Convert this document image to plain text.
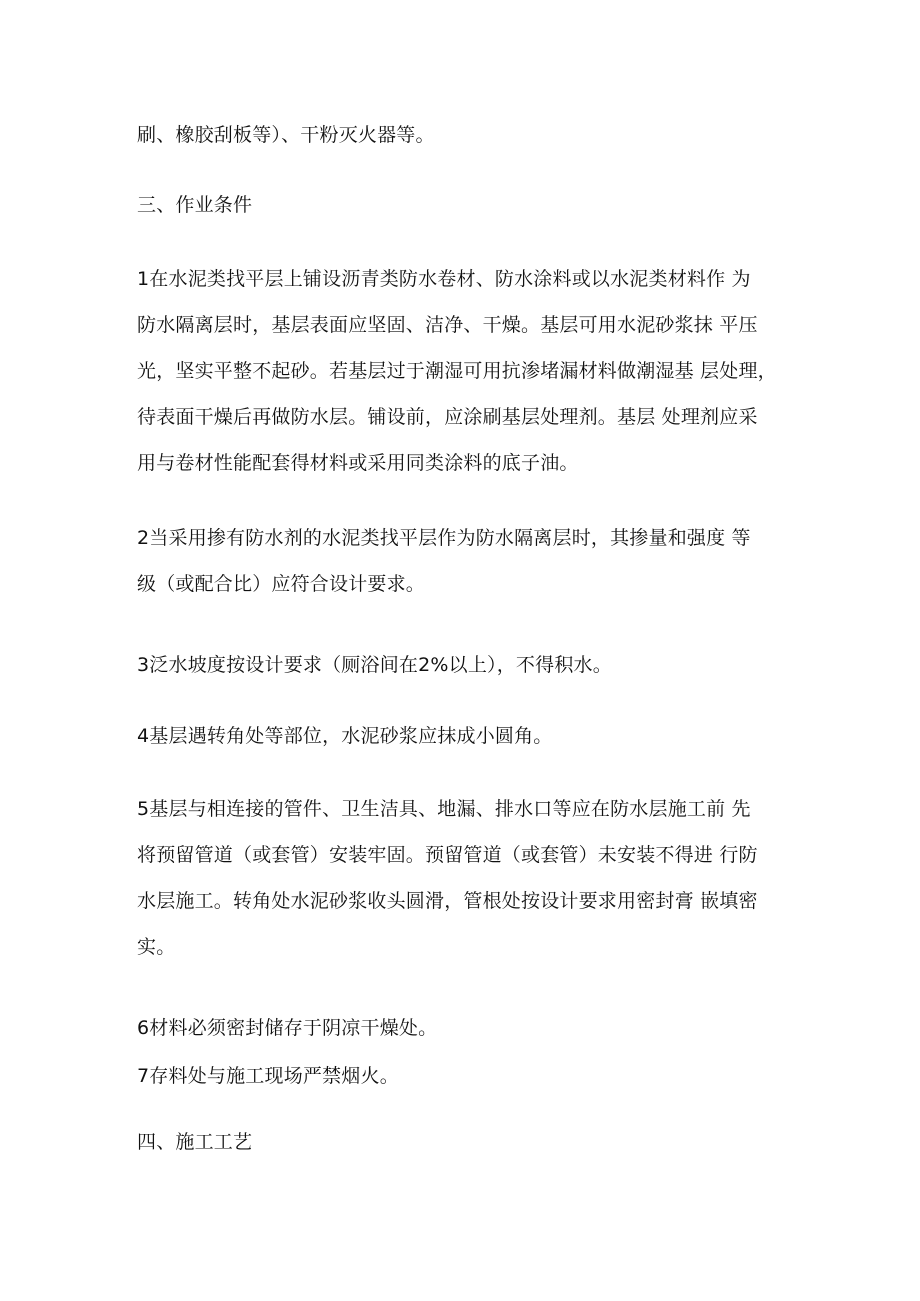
刷、橡胶刮板等）、干粉灭火器等。
三、作业条件
1在水泥类找平层上铺设沥青类防水卷材、防水涂料或以水泥类材料作 为
防水隔离层时，基层表面应坚固、洁净、干燥。基层可用水泥砂浆抹 平压
光，坚实平整不起砂。若基层过于潮湿可用抗渗堵漏材料做潮湿基 层处理，
待表面干燥后再做防水层。铺设前，应涂刷基层处理剂。基层 处理剂应采
用与卷材性能配套得材料或采用同类涂料的底子油。
2当采用掺有防水剂的水泥类找平层作为防水隔离层时，其掺量和强度 等
级（或配合比）应符合设计要求。
3泛水坡度按设计要求（厕浴间在2%以上），不得积水。
4基层遇转角处等部位，水泥砂浆应抹成小圆角。
5基层与相连接的管件、卫生洁具、地漏、排水口等应在防水层施工前 先
将预留管道（或套管）安装牢固。预留管道（或套管）未安装不得进 行防
水层施工。转角处水泥砂浆收头圆滑，管根处按设计要求用密封膏 嵌填密
实。
6材料必须密封储存于阴凉干燥处。
7存料处与施工现场严禁烟火。
四、施工工艺
